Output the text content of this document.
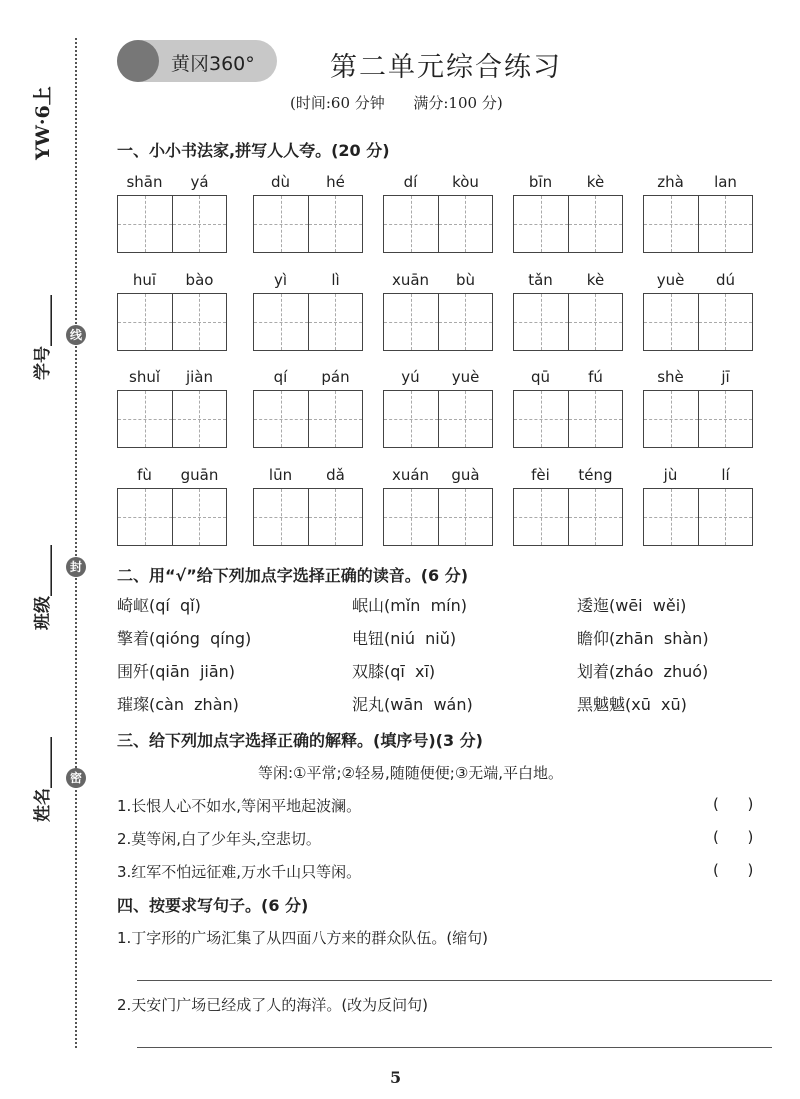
YW·6上
学号______
班级______
姓名______
线
封
密
黄冈360°	第二单元综合练习
(时间:60 分钟      满分:100 分)
一、小小书法家,拼写人人夸。(20 分)
shān	yá	dù	hé	dí	kòu	bīn	kè	zhà	lan
huī	bào	yì	lì	xuān	bù	tǎn	kè	yuè	dú
shuǐ	jiàn	qí	pán	yú	yuè	qū	fú	shè	jī
fù	guān	lūn	dǎ	xuán	guà	fèi	téng	jù	lí
二、用“√”给下列加点字选择正确的读音。(6 分)
崎岖(qí  qǐ)	岷山(mǐn  mín)	逶迤(wēi  wěi)
擎着(qióng  qíng)	电钮(niú  niǔ)	瞻仰(zhān  shàn)
围歼(qiān  jiān)	双膝(qī  xī)	划着(zháo  zhuó)
璀璨(càn  zhàn)	泥丸(wān  wán)	黑魆魆(xū  xū)
三、给下列加点字选择正确的解释。(填序号)(3 分)
等闲:①平常;②轻易,随随便便;③无端,平白地。
1.长恨人心不如水,等闲平地起波澜。	(      )
2.莫等闲,白了少年头,空悲切。	(      )
3.红军不怕远征难,万水千山只等闲。	(      )
四、按要求写句子。(6 分)
1.丁字形的广场汇集了从四面八方来的群众队伍。(缩句)
2.天安门广场已经成了人的海洋。(改为反问句)
5
